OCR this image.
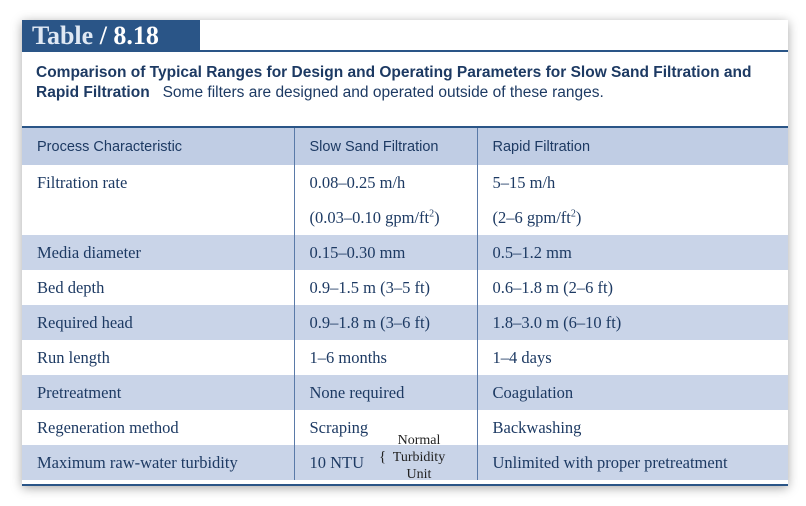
Table / 8.18
Comparison of Typical Ranges for Design and Operating Parameters for Slow Sand Filtration and Rapid Filtration Some filters are designed and operated outside of these ranges.
Process Characteristic	Slow Sand Filtration	Rapid Filtration
Filtration rate	0.08–0.25 m/h	5–15 m/h
	(0.03–0.10 gpm/$ft^2$)	(2–6 gpm/$ft^2$)
Media diameter	0.15–0.30 mm	0.5–1.2 mm
Bed depth	0.9–1.5 m (3–5 ft)	0.6–1.8 m (2–6 ft)
Required head	0.9–1.8 m (3–6 ft)	1.8–3.0 m (6–10 ft)
Run length	1–6 months	1–4 days
Pretreatment	None required	Coagulation
Regeneration method	Scraping	Backwashing
Maximum raw-water turbidity	10 NTU	Unlimited with proper pretreatment
Normal
{ Turbidity
Unit
